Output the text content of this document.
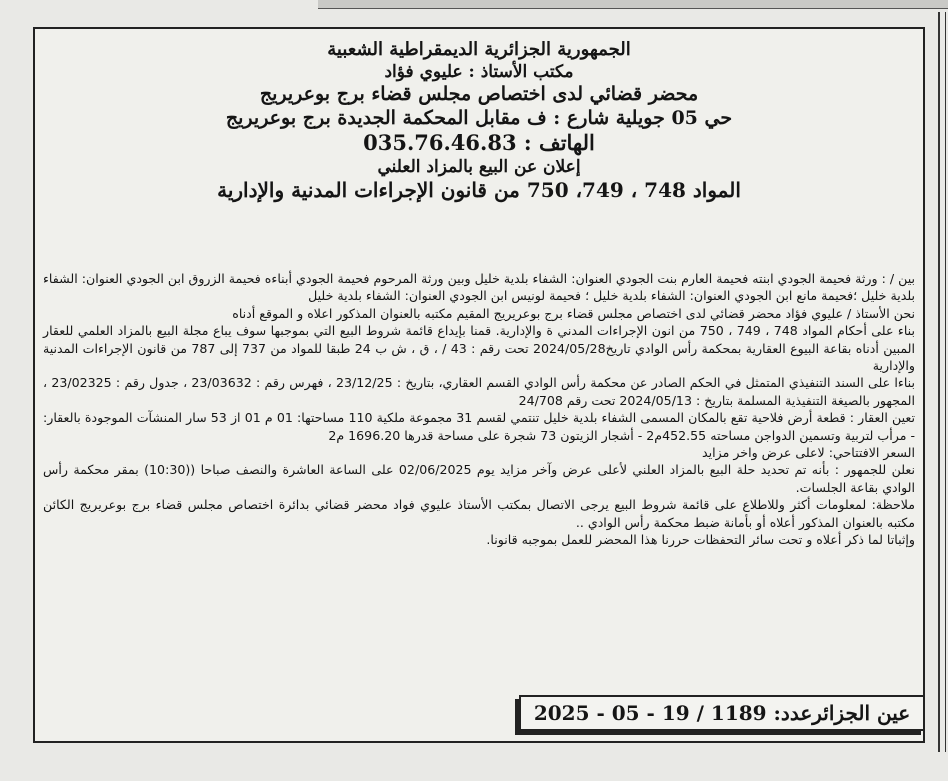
الجمهورية الجزائرية الديمقراطية الشعبية
مكتب الأستاذ : عليوي فؤاد
محضر قضائي لدى اختصاص مجلس قضاء برج بوعريريج
حي 05 جويلية شارع : ف مقابل المحكمة الجديدة برج بوعريريج
الهاتف : 035.76.46.83
إعلان عن البيع بالمزاد العلني
المواد 748 ، 749، 750 من قانون الإجراءات المدنية والإدارية

بين / : ورثة فحيمة الجودي ابنته فحيمة العارم بنت الجودي العنوان: الشفاء بلدية خليل وبين ورثة المرحوم فحيمة الجودي أبناءه فحيمة الزروق ابن الجودي العنوان: الشفاء بلدية خليل ؛فحيمة مانع ابن الجودي العنوان: الشفاء بلدية خليل ؛ فحيمة لونيس ابن الجودي العنوان: الشفاء بلدية خليل

نحن الأستاذ / عليوي فؤاد محضر قضائي لدى اختصاص مجلس قضاء برج بوعريريج المقيم مكتبه بالعنوان المذكور اعلاه و الموقع أدناه

بناء على أحكام المواد 748 ، 749 ، 750 من انون الإجراءات المدني ة والإدارية. قمنا بإيداع قائمة شروط البيع التي بموجبها سوف يباع مجلة البيع بالمزاد العلمي للعقار المبين أدناه بقاعة البيوع العقارية بمحكمة رأس الوادي تاريخ2024/05/28 تحت رقم : 43 / ، ق ، ش ب 24 طبقا للمواد من 737 إلى 787 من قانون الإجراءات المدنية والإدارية

بناءا على السند التنفيذي المتمثل في الحكم الصادر عن محكمة رأس الوادي القسم العقاري، بتاريخ : 23/12/25 ، فهرس رقم : 23/03632 ، جدول رقم : 23/02325 ، المجهور بالصيغة التنفيذية المسلمة بتاريخ : 2024/05/13 تحت رقم 24/708

تعين العقار : قطعة أرض فلاحية تقع بالمكان المسمى الشفاء بلدية خليل تنتمي لقسم 31 مجموعة ملكية 110 مساحتها: 01 م 01 از 53 سار المنشآت الموجودة بالعقار: - مرأب لتربية وتسمين الدواجن مساحته 452.55م2 - أشجار الزيتون 73 شجرة على مساحة قدرها 1696.20 م2

السعر الافتتاحي: لاعلى عرض واخر مزايد

نعلن للجمهور : بأنه تم تحديد حلة البيع بالمزاد العلني لأعلى عرض وآخر مزايد يوم 02/06/2025 على الساعة العاشرة والنصف صباحا ((10:30) بمقر محكمة رأس الوادي بقاعة الجلسات.

ملاحظة: لمعلومات أكثر وللاطلاع على قائمة شروط البيع يرجى الاتصال بمكتب الأستاذ عليوي فواد محضر قضائي بدائرة اختصاص مجلس قضاء برج بوعريريج الكائن مكتبه بالعنوان المذكور أعلاه أو بأمانة ضبط محكمة رأس الوادي ..

وإثباتا لما ذكر أعلاه و تحت سائر التحفظات حررنا هذا المحضر للعمل بموجبه قانونا.

عين الجزائرعدد: 1189 / 19 - 05 - 2025
